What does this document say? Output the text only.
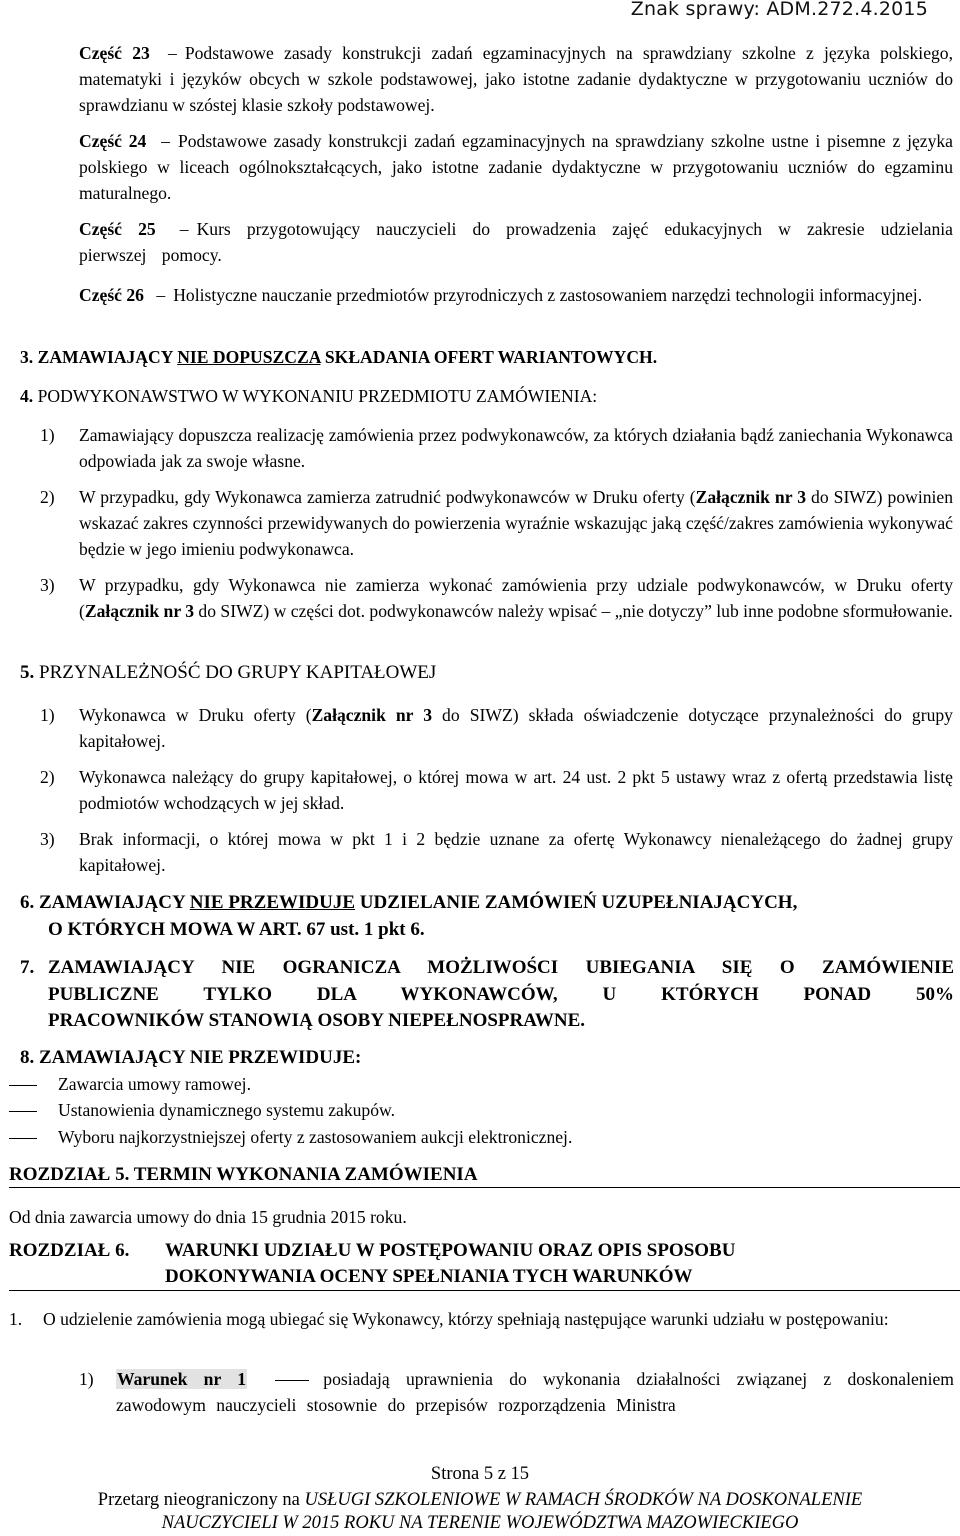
Znak sprawy: ADM.272.4.2015
Część 23 – Podstawowe zasady konstrukcji zadań egzaminacyjnych na sprawdziany szkolne z języka polskiego, matematyki i języków obcych w szkole podstawowej, jako istotne zadanie dydaktyczne w przygotowaniu uczniów do sprawdzianu w szóstej klasie szkoły podstawowej.
Część 24 – Podstawowe zasady konstrukcji zadań egzaminacyjnych na sprawdziany szkolne ustne i pisemne z języka polskiego w liceach ogólnokształcących, jako istotne zadanie dydaktyczne w przygotowaniu uczniów do egzaminu maturalnego.
Część 25 – Kurs przygotowujący nauczycieli do prowadzenia zajęć edukacyjnych w zakresie udzielania pierwszej pomocy.
Część 26 – Holistyczne nauczanie przedmiotów przyrodniczych z zastosowaniem narzędzi technologii informacyjnej.
3. ZAMAWIAJĄCY NIE DOPUSZCZA SKŁADANIA OFERT WARIANTOWYCH.
4. PODWYKONAWSTWO W WYKONANIU PRZEDMIOTU ZAMÓWIENIA:
1) Zamawiający dopuszcza realizację zamówienia przez podwykonawców, za których działania bądź zaniechania Wykonawca odpowiada jak za swoje własne.
2) W przypadku, gdy Wykonawca zamierza zatrudnić podwykonawców w Druku oferty (Załącznik nr 3 do SIWZ) powinien wskazać zakres czynności przewidywanych do powierzenia wyraźnie wskazując jaką część/zakres zamówienia wykonywać będzie w jego imieniu podwykonawca.
3) W przypadku, gdy Wykonawca nie zamierza wykonać zamówienia przy udziale podwykonawców, w Druku oferty (Załącznik nr 3 do SIWZ) w części dot. podwykonawców należy wpisać – „nie dotyczy” lub inne podobne sformułowanie.
5. PRZYNALEŻNOŚĆ DO GRUPY KAPITAŁOWEJ
1) Wykonawca w Druku oferty (Załącznik nr 3 do SIWZ) składa oświadczenie dotyczące przynależności do grupy kapitałowej.
2) Wykonawca należący do grupy kapitałowej, o której mowa w art. 24 ust. 2 pkt 5 ustawy wraz z ofertą przedstawia listę podmiotów wchodzących w jej skład.
3) Brak informacji, o której mowa w pkt 1 i 2 będzie uznane za ofertę Wykonawcy nienależącego do żadnej grupy kapitałowej.
6. ZAMAWIAJĄCY NIE PRZEWIDUJE UDZIELANIE ZAMÓWIEŃ UZUPEŁNIAJĄCYCH,
O KTÓRYCH MOWA W ART. 67 ust. 1 pkt 6.
7. ZAMAWIAJĄCY NIE OGRANICZA MOŻLIWOŚCI UBIEGANIA SIĘ O ZAMÓWIENIE
PUBLICZNE TYLKO DLA WYKONAWCÓW, U KTÓRYCH PONAD 50%
PRACOWNIKÓW STANOWIĄ OSOBY NIEPEŁNOSPRAWNE.
8. ZAMAWIAJĄCY NIE PRZEWIDUJE:
Zawarcia umowy ramowej.
Ustanowienia dynamicznego systemu zakupów.
Wyboru najkorzystniejszej oferty z zastosowaniem aukcji elektronicznej.
ROZDZIAŁ 5. TERMIN WYKONANIA ZAMÓWIENIA
Od dnia zawarcia umowy do dnia 15 grudnia 2015 roku.
ROZDZIAŁ 6. WARUNKI UDZIAŁU W POSTĘPOWANIU ORAZ OPIS SPOSOBU
DOKONYWANIA OCENY SPEŁNIANIA TYCH WARUNKÓW
1. O udzielenie zamówienia mogą ubiegać się Wykonawcy, którzy spełniają następujące warunki udziału w postępowaniu:
1) Warunek nr 1	posiadają uprawnienia do wykonania działalności związanej z doskonaleniem zawodowym nauczycieli stosownie do przepisów rozporządzenia Ministra
Strona 5 z 15
Przetarg nieograniczony na USŁUGI SZKOLENIOWE W RAMACH ŚRODKÓW NA DOSKONALENIE
NAUCZYCIELI W 2015 ROKU NA TERENIE WOJEWÓDZTWA MAZOWIECKIEGO
